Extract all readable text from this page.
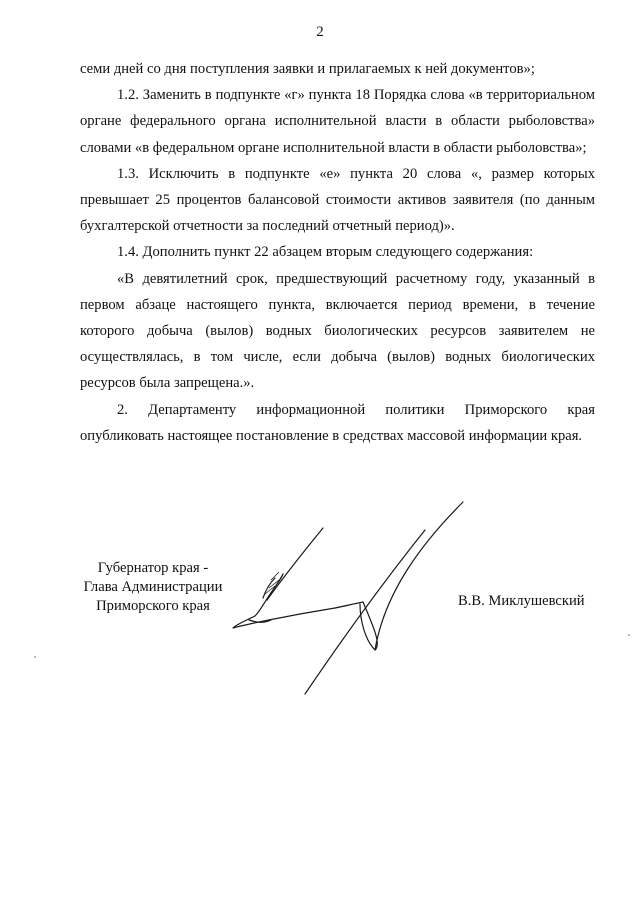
2

семи дней со дня поступления заявки и прилагаемых к ней документов»;

1.2. Заменить в подпункте «г» пункта 18 Порядка слова «в территориальном органе федерального органа исполнительной власти в области рыболовства» словами «в федеральном органе исполнительной власти в области рыболовства»;

1.3. Исключить в подпункте «е» пункта 20 слова «, размер которых превышает 25 процентов балансовой стоимости активов заявителя (по данным бухгалтерской отчетности за последний отчетный период)».

1.4. Дополнить пункт 22 абзацем вторым следующего содержания:

«В девятилетний срок, предшествующий расчетному году, указанный в первом абзаце настоящего пункта, включается период времени, в течение которого добыча (вылов) водных биологических ресурсов заявителем не осуществлялась, в том числе, если добыча (вылов) водных биологических ресурсов была запрещена.».

2. Департаменту информационной политики Приморского края опубликовать настоящее постановление в средствах массовой информации края.

Губернатор края -
Глава Администрации
Приморского края	В.В. Миклушевский
